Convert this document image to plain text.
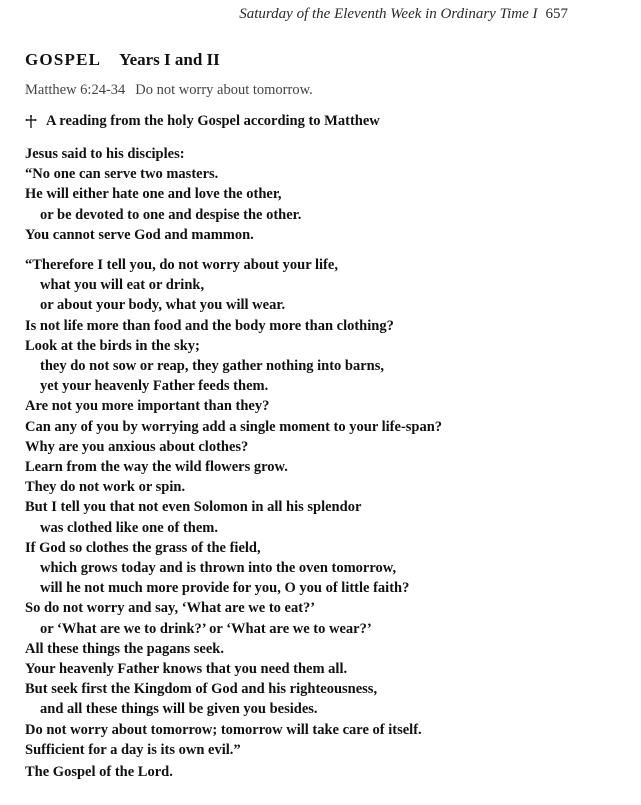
Saturday of the Eleventh Week in Ordinary Time I 657
GOSPEL Years I and II
Matthew 6:24-34 Do not worry about tomorrow.
A reading from the holy Gospel according to Matthew
Jesus said to his disciples:
“No one can serve two masters.
He will either hate one and love the other,
or be devoted to one and despise the other.
You cannot serve God and mammon.
“Therefore I tell you, do not worry about your life,
what you will eat or drink,
or about your body, what you will wear.
Is not life more than food and the body more than clothing?
Look at the birds in the sky;
they do not sow or reap, they gather nothing into barns,
yet your heavenly Father feeds them.
Are not you more important than they?
Can any of you by worrying add a single moment to your life-span?
Why are you anxious about clothes?
Learn from the way the wild flowers grow.
They do not work or spin.
But I tell you that not even Solomon in all his splendor
was clothed like one of them.
If God so clothes the grass of the field,
which grows today and is thrown into the oven tomorrow,
will he not much more provide for you, O you of little faith?
So do not worry and say, ‘What are we to eat?’
or ‘What are we to drink?’ or ‘What are we to wear?’
All these things the pagans seek.
Your heavenly Father knows that you need them all.
But seek first the Kingdom of God and his righteousness,
and all these things will be given you besides.
Do not worry about tomorrow; tomorrow will take care of itself.
Sufficient for a day is its own evil.”
The Gospel of the Lord.
